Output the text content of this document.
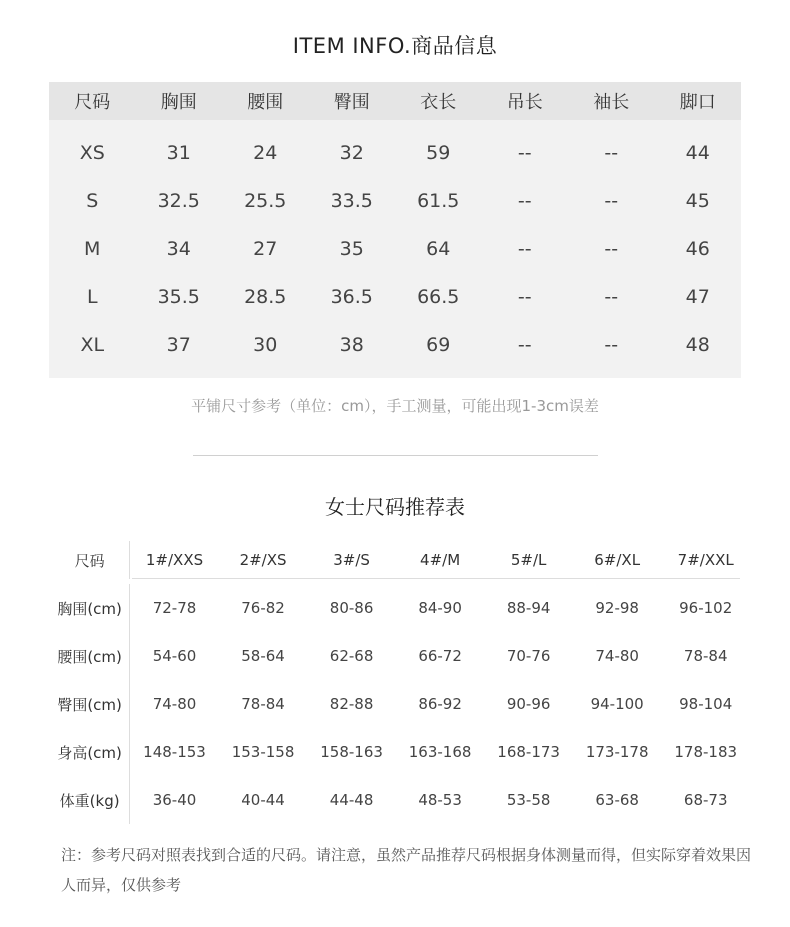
ITEM INFO.商品信息
尺码	胸围	腰围	臀围	衣长	吊长	袖长	脚口
XS	31	24	32	59	--	--	44
S	32.5	25.5	33.5	61.5	--	--	45
M	34	27	35	64	--	--	46
L	35.5	28.5	36.5	66.5	--	--	47
XL	37	30	38	69	--	--	48
平铺尺寸参考（单位：cm），手工测量，可能出现1-3cm误差
女士尺码推荐表
尺码	1#/XXS	2#/XS	3#/S	4#/M	5#/L	6#/XL	7#/XXL
胸围(cm)	72-78	76-82	80-86	84-90	88-94	92-98	96-102
腰围(cm)	54-60	58-64	62-68	66-72	70-76	74-80	78-84
臀围(cm)	74-80	78-84	82-88	86-92	90-96	94-100	98-104
身高(cm)	148-153	153-158	158-163	163-168	168-173	173-178	178-183
体重(kg)	36-40	40-44	44-48	48-53	53-58	63-68	68-73
注：参考尺码对照表找到合适的尺码。请注意，虽然产品推荐尺码根据身体测量而得，但实际穿着效果因人而异，仅供参考
